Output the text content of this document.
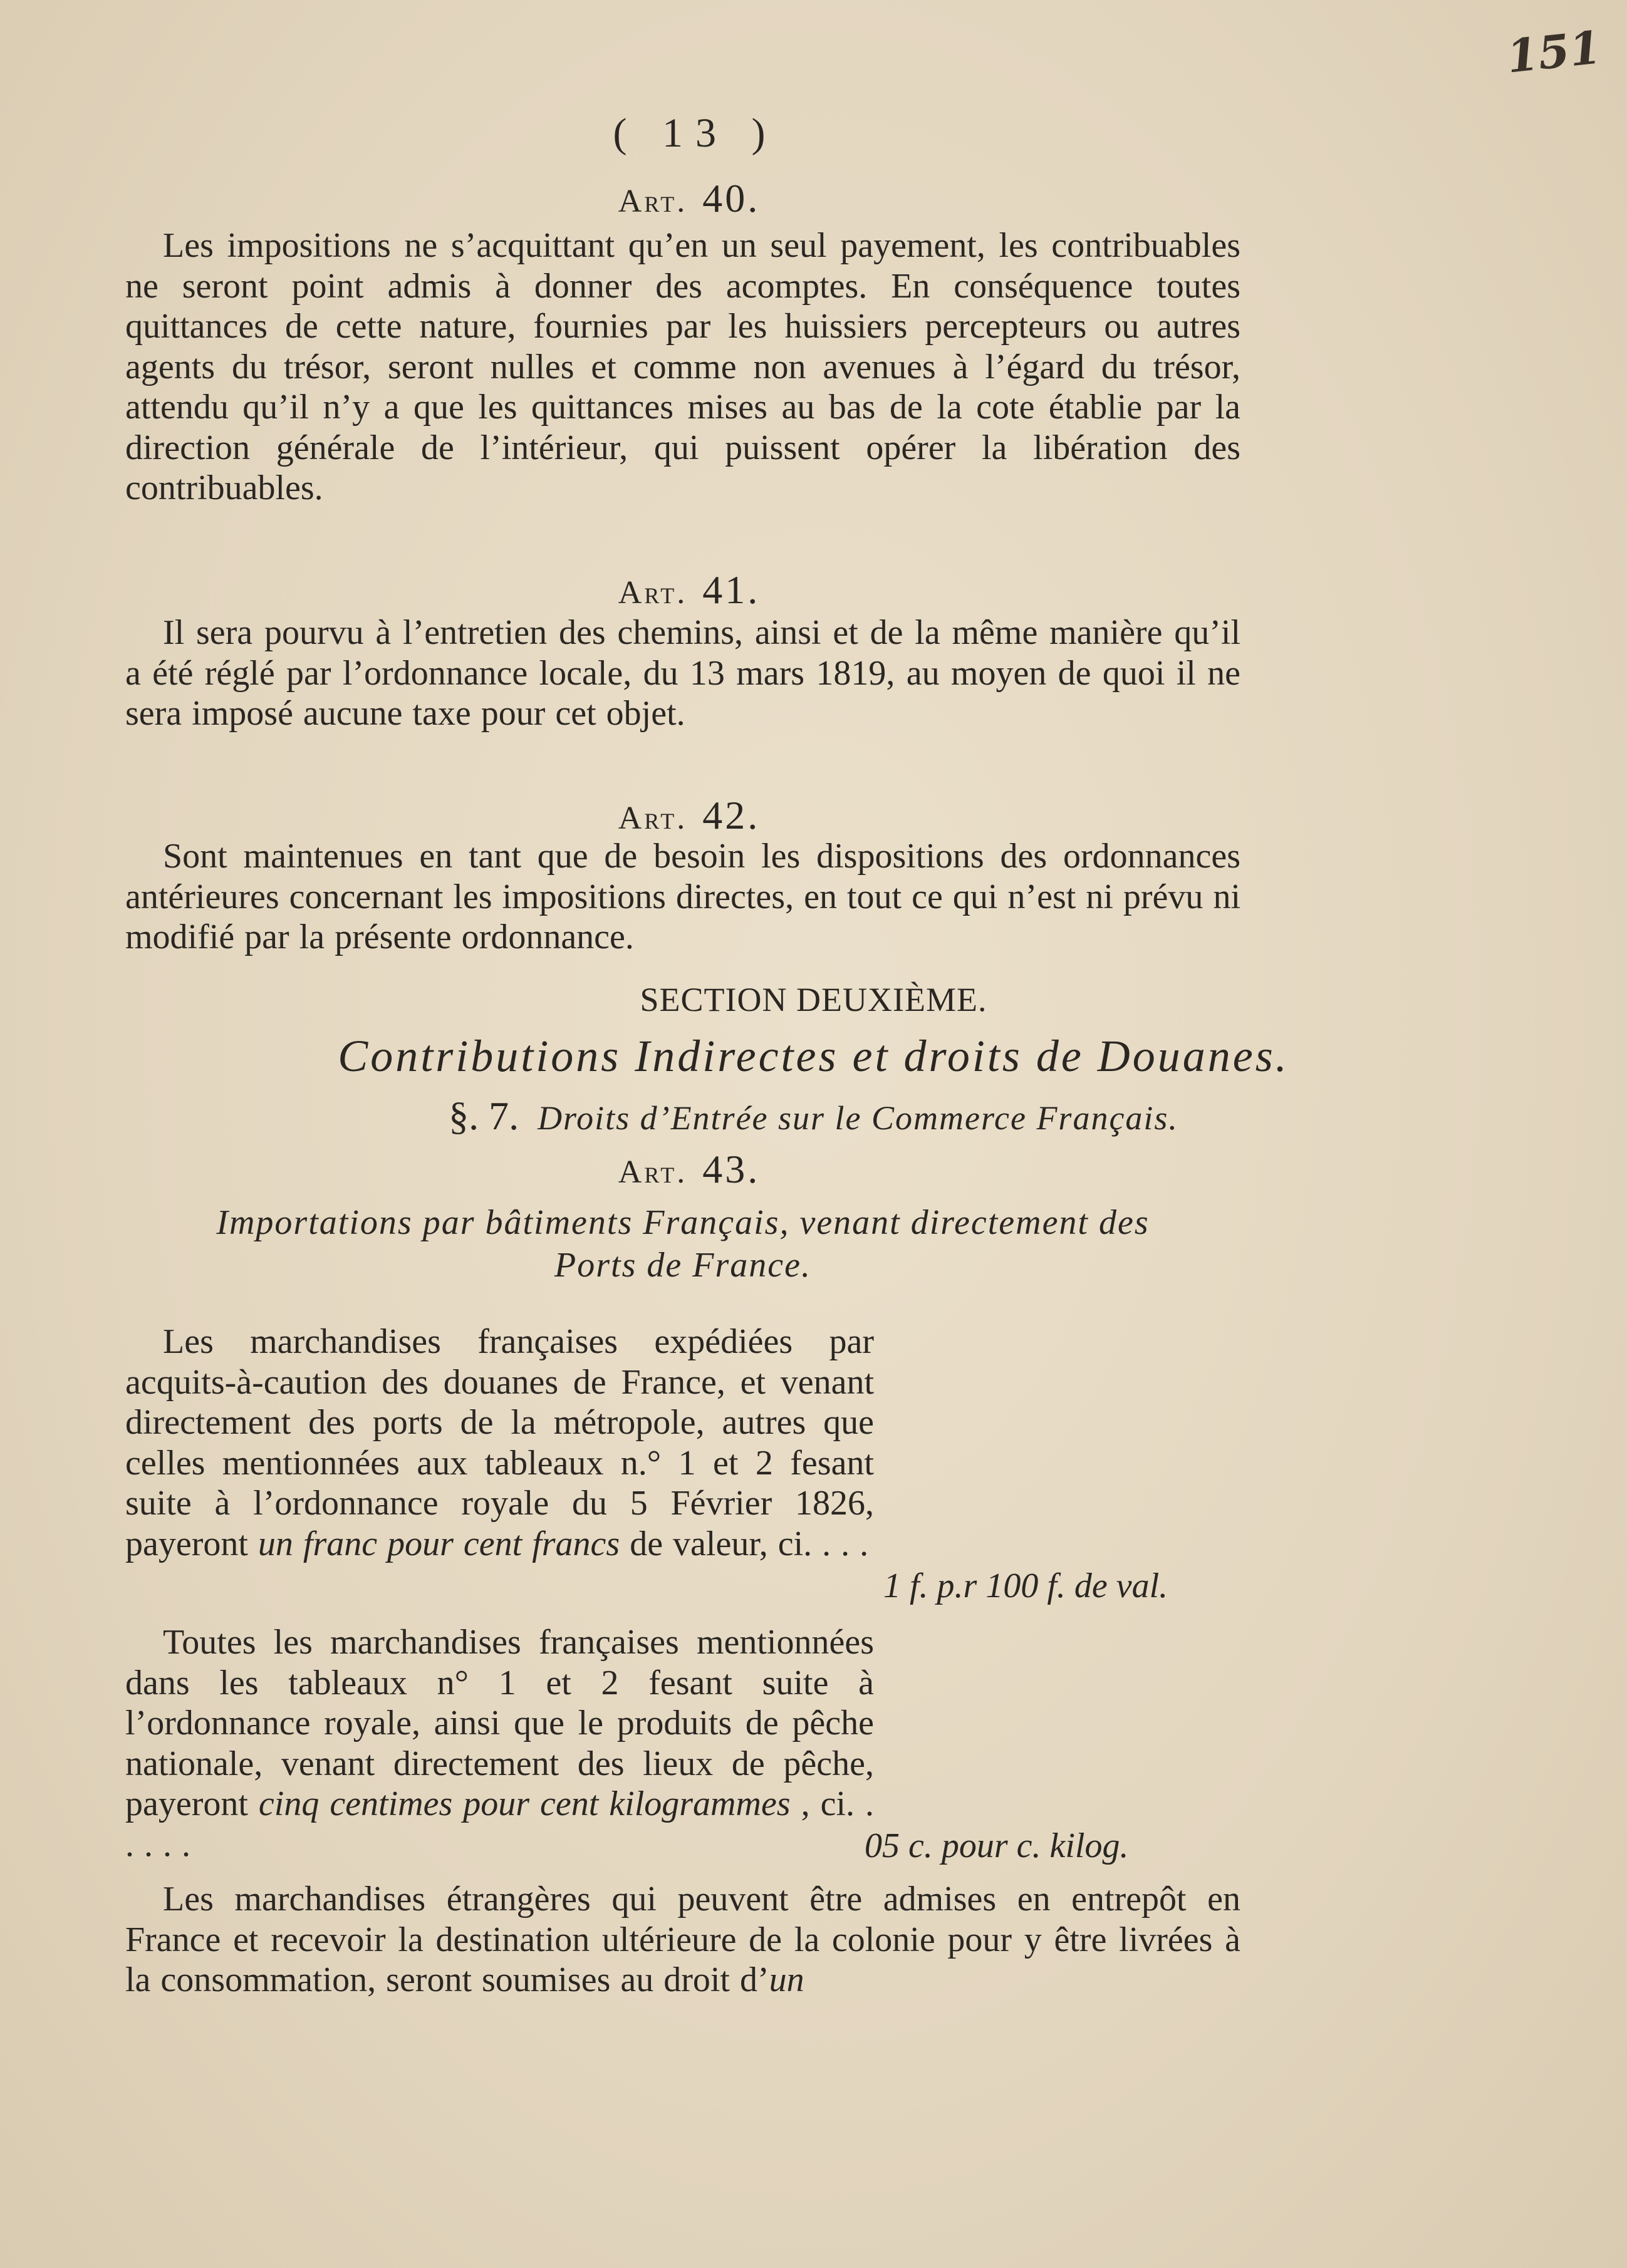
151
( 13 )
Art. 40.
Les impositions ne s’acquittant qu’en un seul payement, les contribuables ne seront point admis à donner des acomptes. En conséquence toutes quittances de cette nature, fournies par les huissiers percepteurs ou autres agents du trésor, seront nulles et comme non avenues à l’égard du trésor, attendu qu’il n’y a que les quittances mises au bas de la cote établie par la direction générale de l’intérieur, qui puissent opérer la libération des contribuables.
Art. 41.
Il sera pourvu à l’entretien des chemins, ainsi et de la même manière qu’il a été réglé par l’ordonnance locale, du 13 mars 1819, au moyen de quoi il ne sera imposé aucune taxe pour cet objet.
Art. 42.
Sont maintenues en tant que de besoin les dispositions des ordonnances antérieures concernant les impositions directes, en tout ce qui n’est ni prévu ni modifié par la présente ordonnance.
SECTION DEUXIÈME.
Contributions Indirectes et droits de Douanes.
§. 7. Droits d’Entrée sur le Commerce Français.
Art. 43.
Importations par bâtiments Français, venant directement des
Ports de France.
Les marchandises françaises expédiées par acquits-à-caution des douanes de France, et venant directement des ports de la métropole, autres que celles mentionnées aux tableaux n.° 1 et 2 fesant suite à l’ordonnance royale du 5 Février 1826, payeront un franc pour cent francs de valeur, ci. . . .
1 f. p.r 100 f. de val.
Toutes les marchandises françaises mentionnées dans les tableaux n° 1 et 2 fesant suite à l’ordonnance royale, ainsi que le produits de pêche nationale, venant directement des lieux de pêche, payeront cinq centimes pour cent kilogrammes , ci. . . . . .	05 c. pour c. kilog.
Les marchandises étrangères qui peuvent être admises en entrepôt en France et recevoir la destination ultérieure de la colonie pour y être livrées à la consommation, seront soumises au droit d’un
